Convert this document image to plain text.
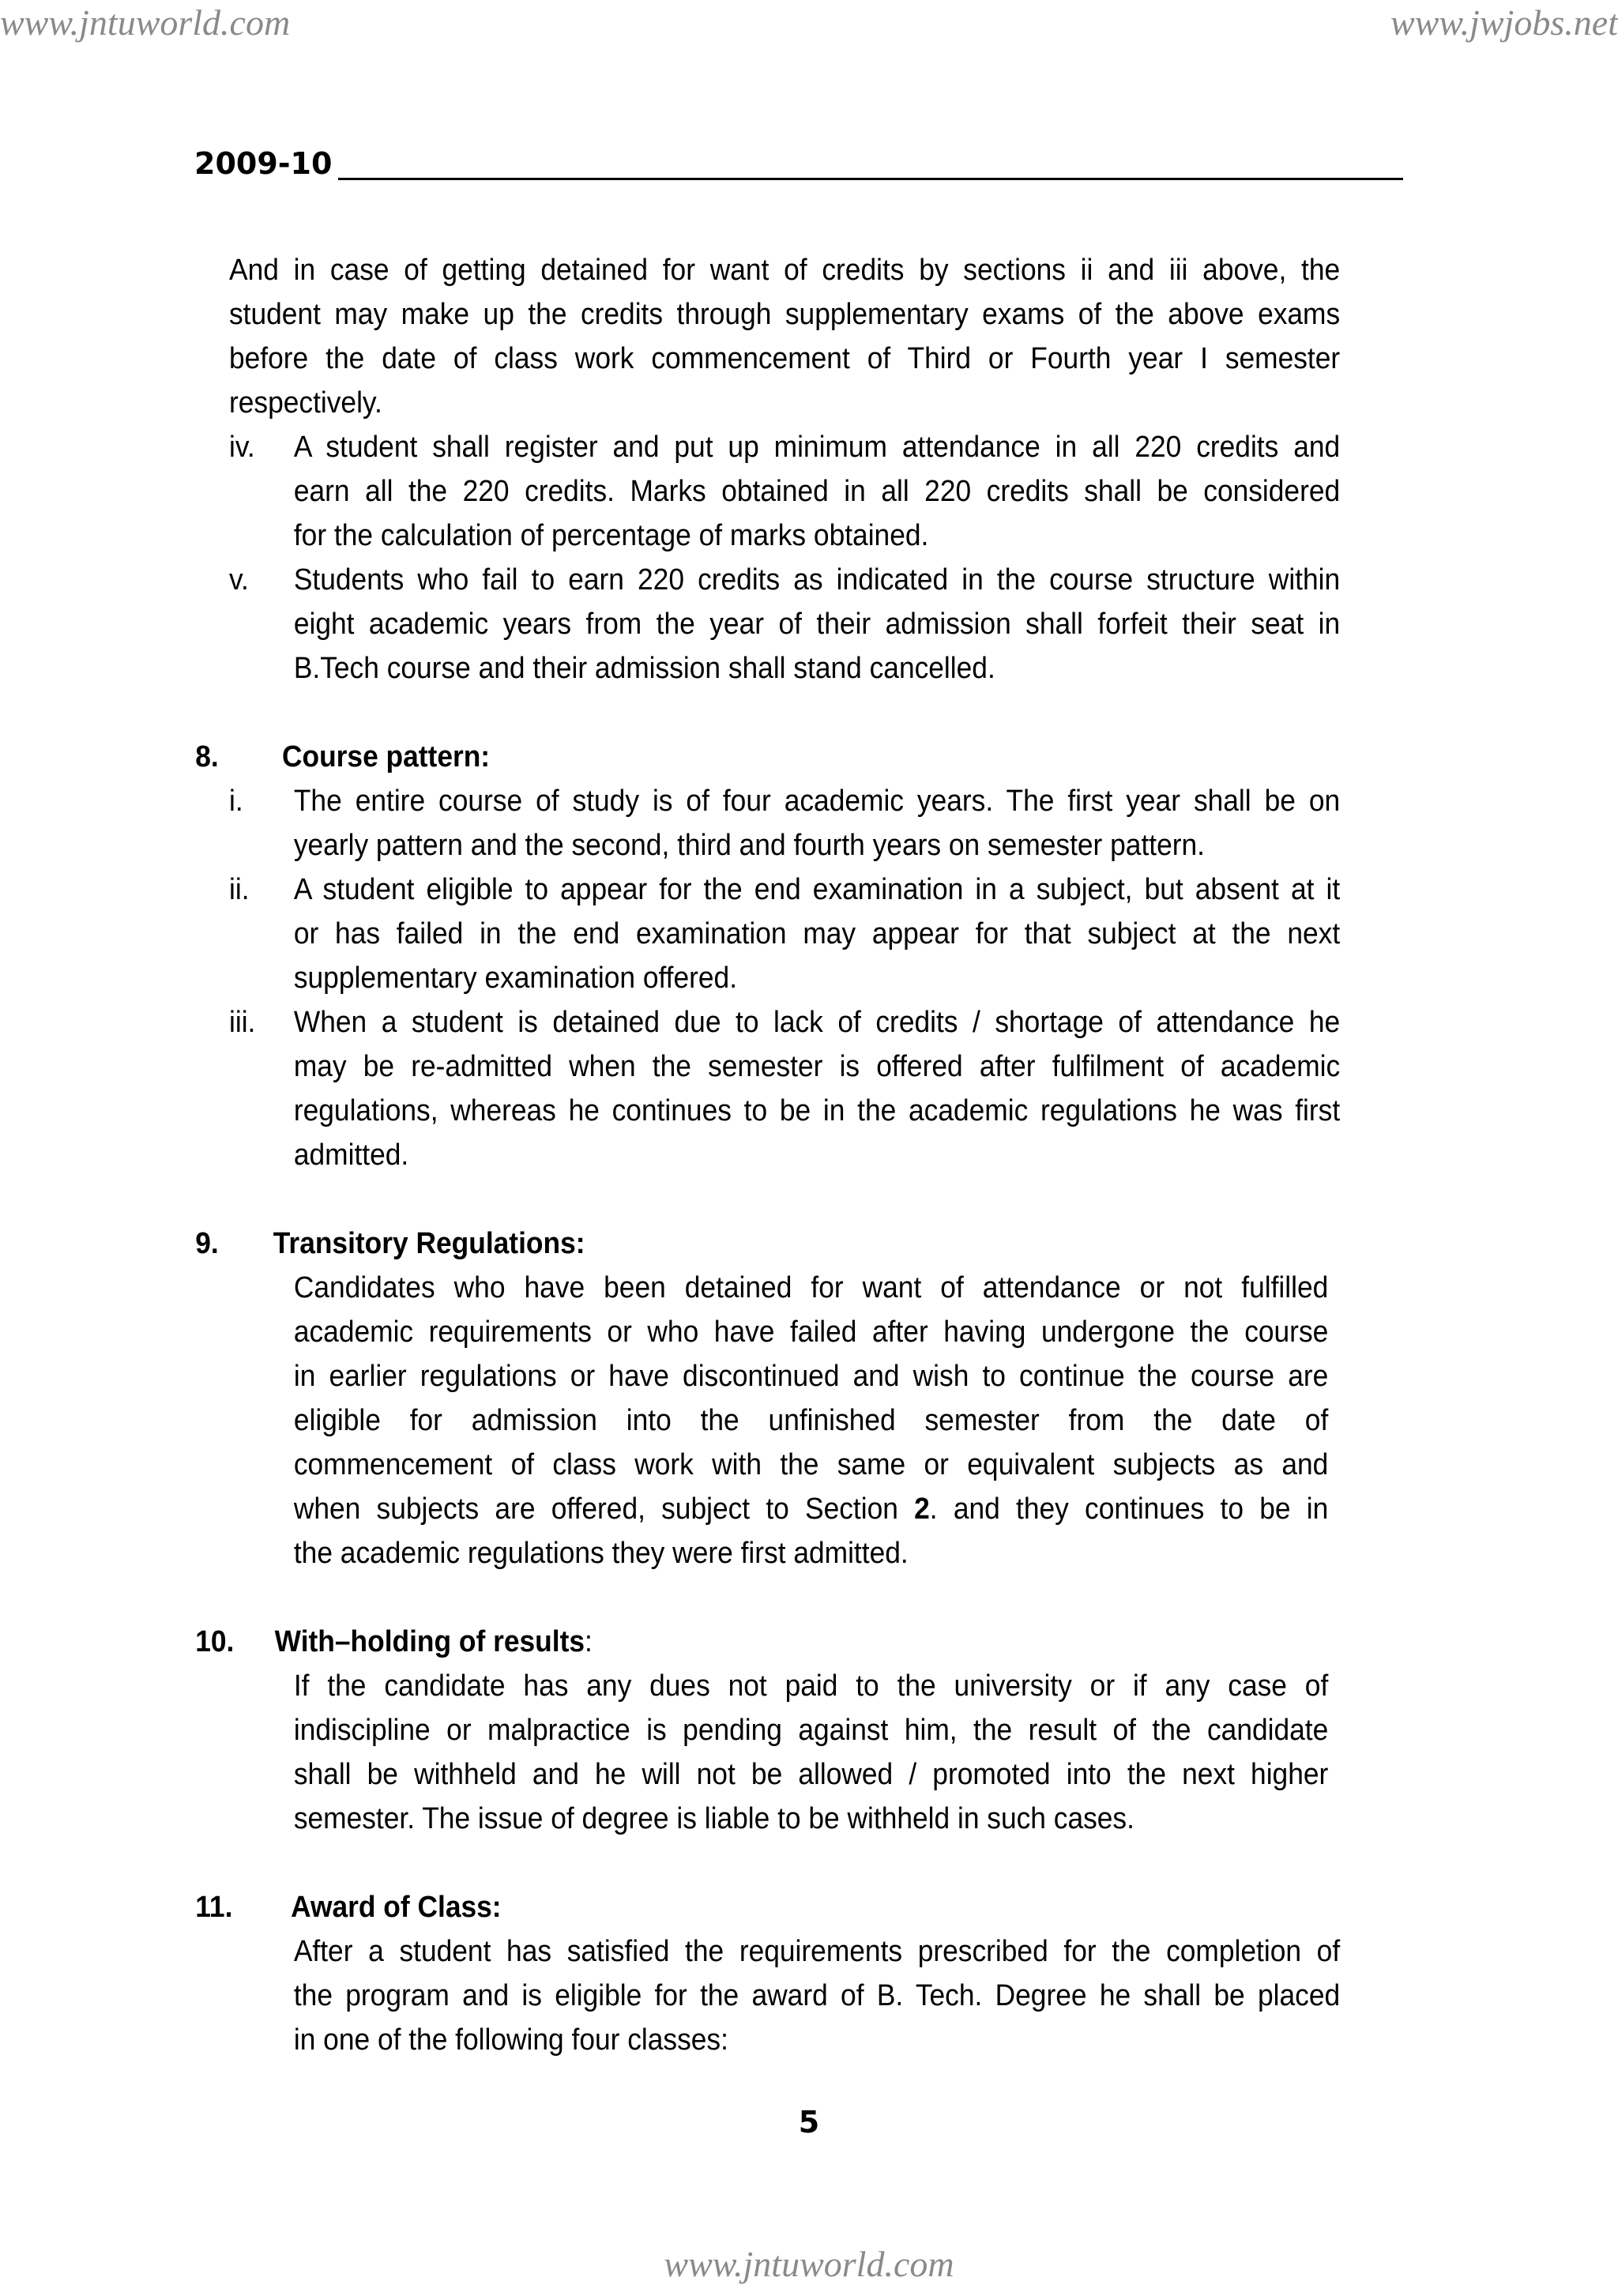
www.jntuworld.com	www.jwjobs.net
2009-10

And in case of getting detained for want of credits by sections ii and iii above, the

student may make up the credits through supplementary exams of the above exams

before the date of class work commencement of Third or Fourth year I semester

respectively.

iv.	A student shall register and put up minimum attendance in all 220 credits and

earn all the 220 credits. Marks obtained in all 220 credits shall be considered

for the calculation of percentage of marks obtained.

v.	Students who fail to earn 220 credits as indicated in the course structure within

eight academic years from the year of their admission shall forfeit their seat in

B.Tech course and their admission shall stand cancelled.

8.	Course pattern:
i.	The entire course of study is of four academic years. The first year shall be on

yearly pattern and the second, third and fourth years on semester pattern.

ii.	A student eligible to appear for the end examination in a subject, but absent at it

or has failed in the end examination may appear for that subject at the next

supplementary examination offered.

iii.	When a student is detained due to lack of credits / shortage of attendance he

may be re-admitted when the semester is offered after fulfilment of academic

regulations, whereas he continues to be in the academic regulations he was first

admitted.

9.	Transitory Regulations:

Candidates who have been detained for want of attendance or not fulfilled

academic requirements or who have failed after having undergone the course

in earlier regulations or have discontinued and wish to continue the course are

eligible for admission into the unfinished semester from the date of

commencement of class work with the same or equivalent subjects as and

when subjects are offered, subject to Section 2. and they continues to be in

the academic regulations they were first admitted.

10.	With–holding of results :

If the candidate has any dues not paid to the university or if any case of

indiscipline or malpractice is pending against him, the result of the candidate

shall be withheld and he will not be allowed / promoted into the next higher

semester. The issue of degree is liable to be withheld in such cases.

11.	Award of Class:

After a student has satisfied the requirements prescribed for the completion of

the program and is eligible for the award of B. Tech. Degree he shall be placed

in one of the following four classes:

5
www.jntuworld.com
